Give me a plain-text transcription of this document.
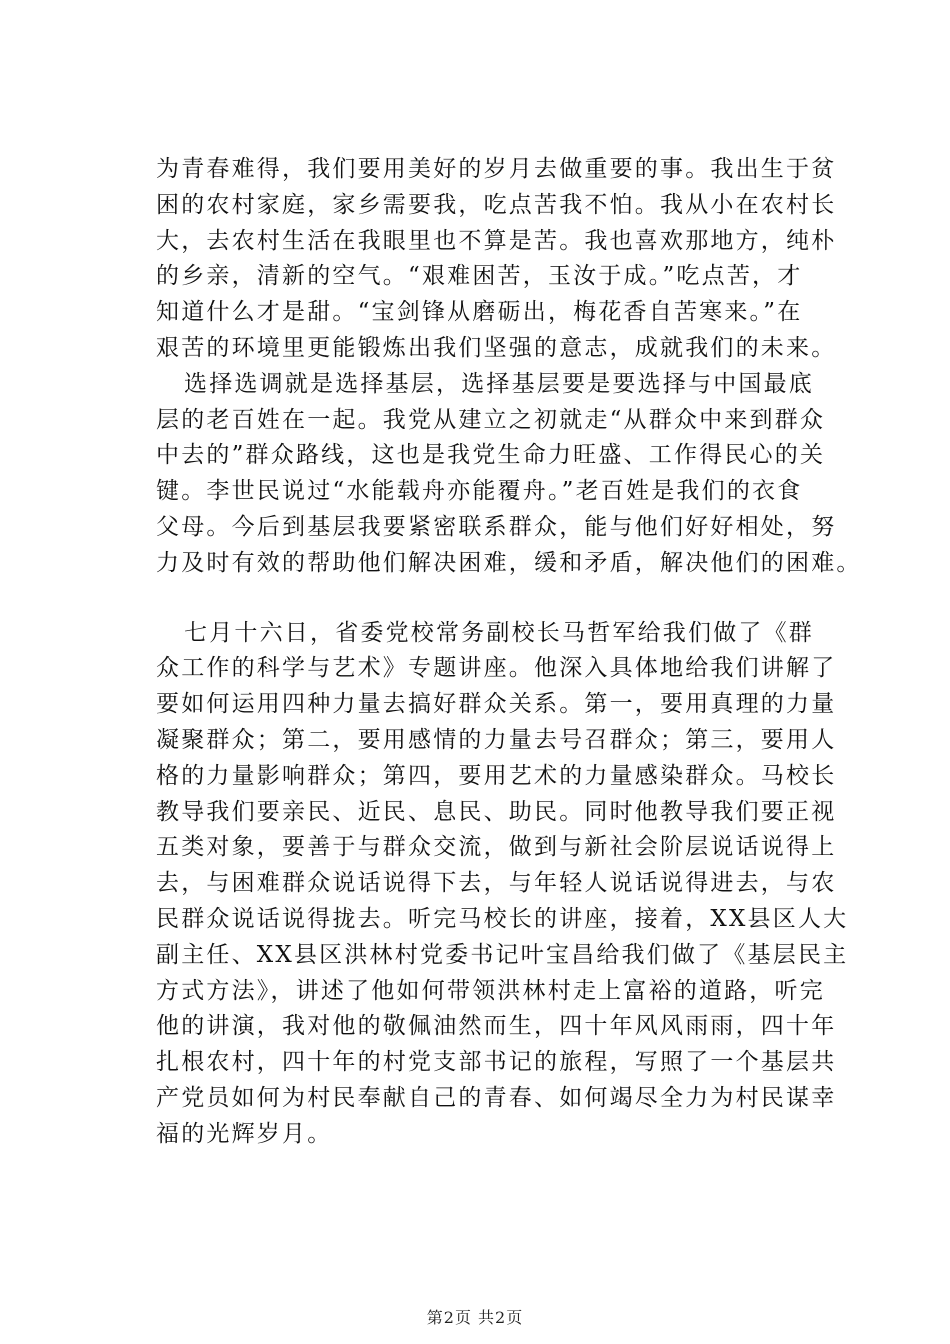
为青春难得，我们要用美好的岁月去做重要的事。我出生于贫
困的农村家庭，家乡需要我，吃点苦我不怕。我从小在农村长
大，去农村生活在我眼里也不算是苦。我也喜欢那地方，纯朴
的乡亲，清新的空气。“艰难困苦，玉汝于成。”吃点苦，才
知道什么才是甜。“宝剑锋从磨砺出，梅花香自苦寒来。”在
艰苦的环境里更能锻炼出我们坚强的意志，成就我们的未来。

选择选调就是选择基层，选择基层要是要选择与中国最底
层的老百姓在一起。我党从建立之初就走“从群众中来到群众
中去的”群众路线，这也是我党生命力旺盛、工作得民心的关
键。李世民说过“水能载舟亦能覆舟。”老百姓是我们的衣食
父母。今后到基层我要紧密联系群众，能与他们好好相处，努
力及时有效的帮助他们解决困难，缓和矛盾，解决他们的困难。

七月十六日，省委党校常务副校长马哲军给我们做了《群
众工作的科学与艺术》专题讲座。他深入具体地给我们讲解了
要如何运用四种力量去搞好群众关系。第一，要用真理的力量
凝聚群众；第二，要用感情的力量去号召群众；第三，要用人
格的力量影响群众；第四，要用艺术的力量感染群众。马校长
教导我们要亲民、近民、息民、助民。同时他教导我们要正视
五类对象，要善于与群众交流，做到与新社会阶层说话说得上
去，与困难群众说话说得下去，与年轻人说话说得进去，与农
民群众说话说得拢去。听完马校长的讲座，接着，XX县区人大
副主任、XX县区洪林村党委书记叶宝昌给我们做了《基层民主
方式方法》，讲述了他如何带领洪林村走上富裕的道路，听完
他的讲演，我对他的敬佩油然而生，四十年风风雨雨，四十年
扎根农村，四十年的村党支部书记的旅程，写照了一个基层共
产党员如何为村民奉献自己的青春、如何竭尽全力为村民谋幸
福的光辉岁月。

第2页 共2页
